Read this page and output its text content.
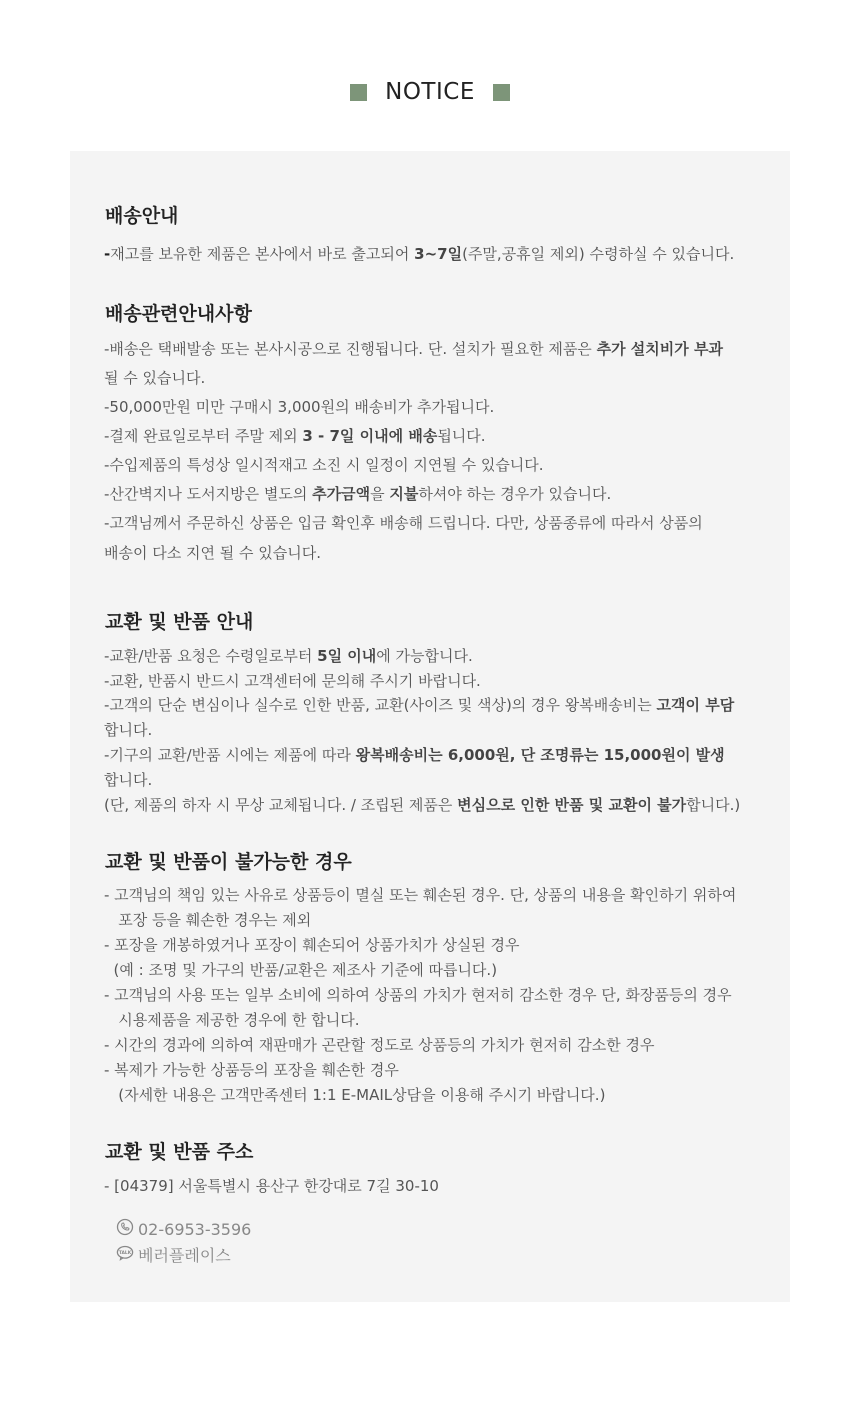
NOTICE
배송안내

-재고를 보유한 제품은 본사에서 바로 출고되어 3~7일(주말,공휴일 제외) 수령하실 수 있습니다.

배송관련안내사항

-배송은 택배발송 또는 본사시공으로 진행됩니다. 단. 설치가 필요한 제품은 추가 설치비가 부과

될 수 있습니다.

-50,000만원 미만 구매시 3,000원의 배송비가 추가됩니다.

-결제 완료일로부터 주말 제외 3 - 7일 이내에 배송됩니다.

-수입제품의 특성상 일시적재고 소진 시 일정이 지연될 수 있습니다.

-산간벽지나 도서지방은 별도의 추가금액을 지불하셔야 하는 경우가 있습니다.

-고객님께서 주문하신 상품은 입금 확인후 배송해 드립니다. 다만, 상품종류에 따라서 상품의

배송이 다소 지연 될 수 있습니다.

교환 및 반품 안내

-교환/반품 요청은 수령일로부터 5일 이내에 가능합니다.

-교환, 반품시 반드시 고객센터에 문의해 주시기 바랍니다.

-고객의 단순 변심이나 실수로 인한 반품, 교환(사이즈 및 색상)의 경우 왕복배송비는 고객이 부담

합니다.

-기구의 교환/반품 시에는 제품에 따라 왕복배송비는 6,000원, 단 조명류는 15,000원이 발생

합니다.

(단, 제품의 하자 시 무상 교체됩니다. / 조립된 제품은 변심으로 인한 반품 및 교환이 불가합니다.)

교환 및 반품이 불가능한 경우

- 고객님의 책임 있는 사유로 상품등이 멸실 또는 훼손된 경우. 단, 상품의 내용을 확인하기 위하여

포장 등을 훼손한 경우는 제외

- 포장을 개봉하였거나 포장이 훼손되어 상품가치가 상실된 경우

(예 : 조명 및 가구의 반품/교환은 제조사 기준에 따릅니다.)

- 고객님의 사용 또는 일부 소비에 의하여 상품의 가치가 현저히 감소한 경우 단, 화장품등의 경우

시용제품을 제공한 경우에 한 합니다.

- 시간의 경과에 의하여 재판매가 곤란할 정도로 상품등의 가치가 현저히 감소한 경우

- 복제가 가능한 상품등의 포장을 훼손한 경우

(자세한 내용은 고객만족센터 1:1 E-MAIL상담을 이용해 주시기 바랍니다.)

교환 및 반품 주소

- [04379] 서울특별시 용산구 한강대로 7길 30-10

02-6953-3596
TALK 베러플레이스
